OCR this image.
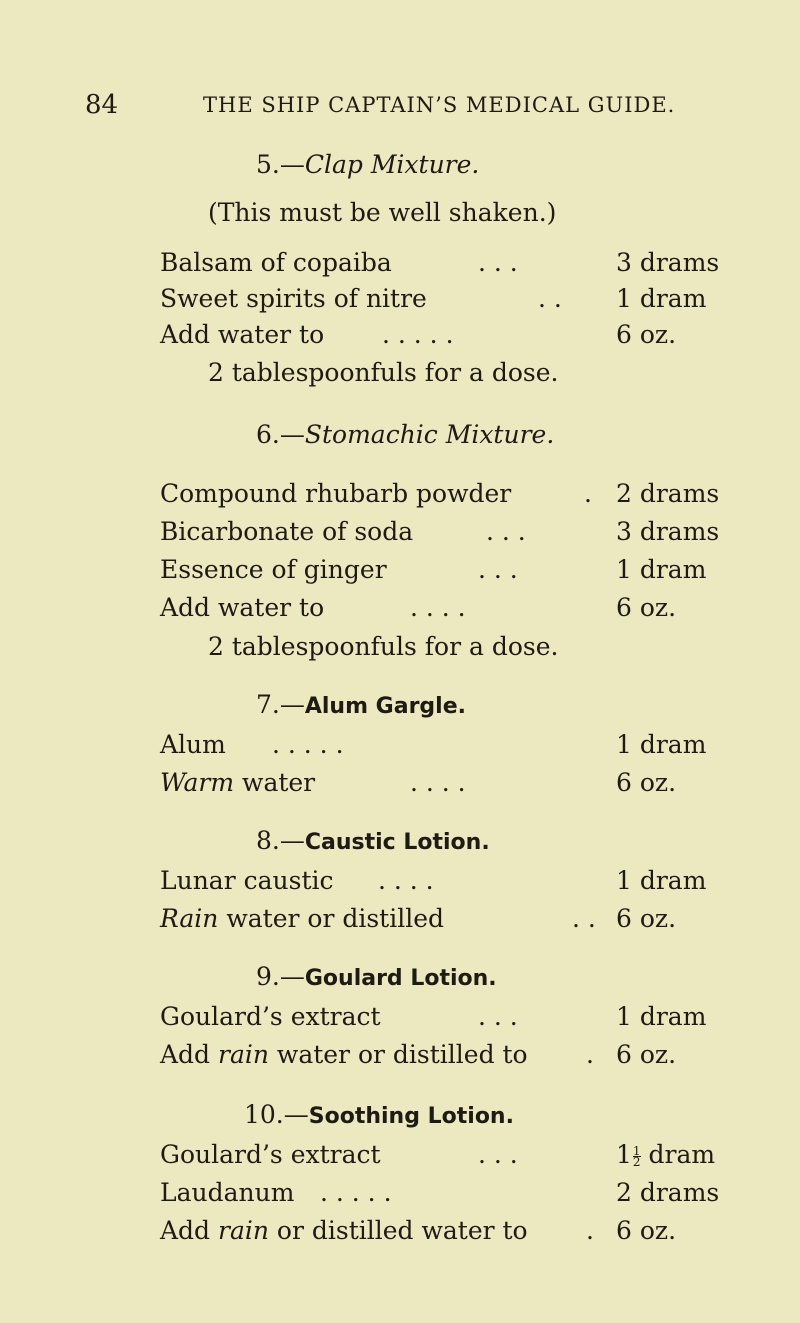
84	THE SHIP CAPTAIN’S MEDICAL GUIDE.
5.—Clap Mixture.
(This must be well shaken.)
Balsam of copaiba	. . .	3 drams
Sweet spirits of nitre	. . 1 dram
Add water to . . . . .	6 oz.
2 tablespoonfuls for a dose.
6.—Stomachic Mixture.
Compound rhubarb powder	. 2 drams
Bicarbonate of soda	. . .	3 drams
Essence of ginger	. . .	1 dram
Add water to	. . . .	6 oz.
2 tablespoonfuls for a dose.
7.—Alum Gargle.
Alum . . . . .	1 dram
Warm water	. . . .	6 oz.
8.—Caustic Lotion.
Lunar caustic . . . .	1 dram
Rain water or distilled	. . 6 oz.
9.—Goulard Lotion.
Goulard’s extract	. . .	1 dram
Add rain water or distilled to . 6 oz.
10.—Soothing Lotion.
Goulard’s extract	. . .	$1 \frac{1}{2}$ dram
Laudanum . . . . .	2 drams
Add rain or distilled water to . 6 oz.
